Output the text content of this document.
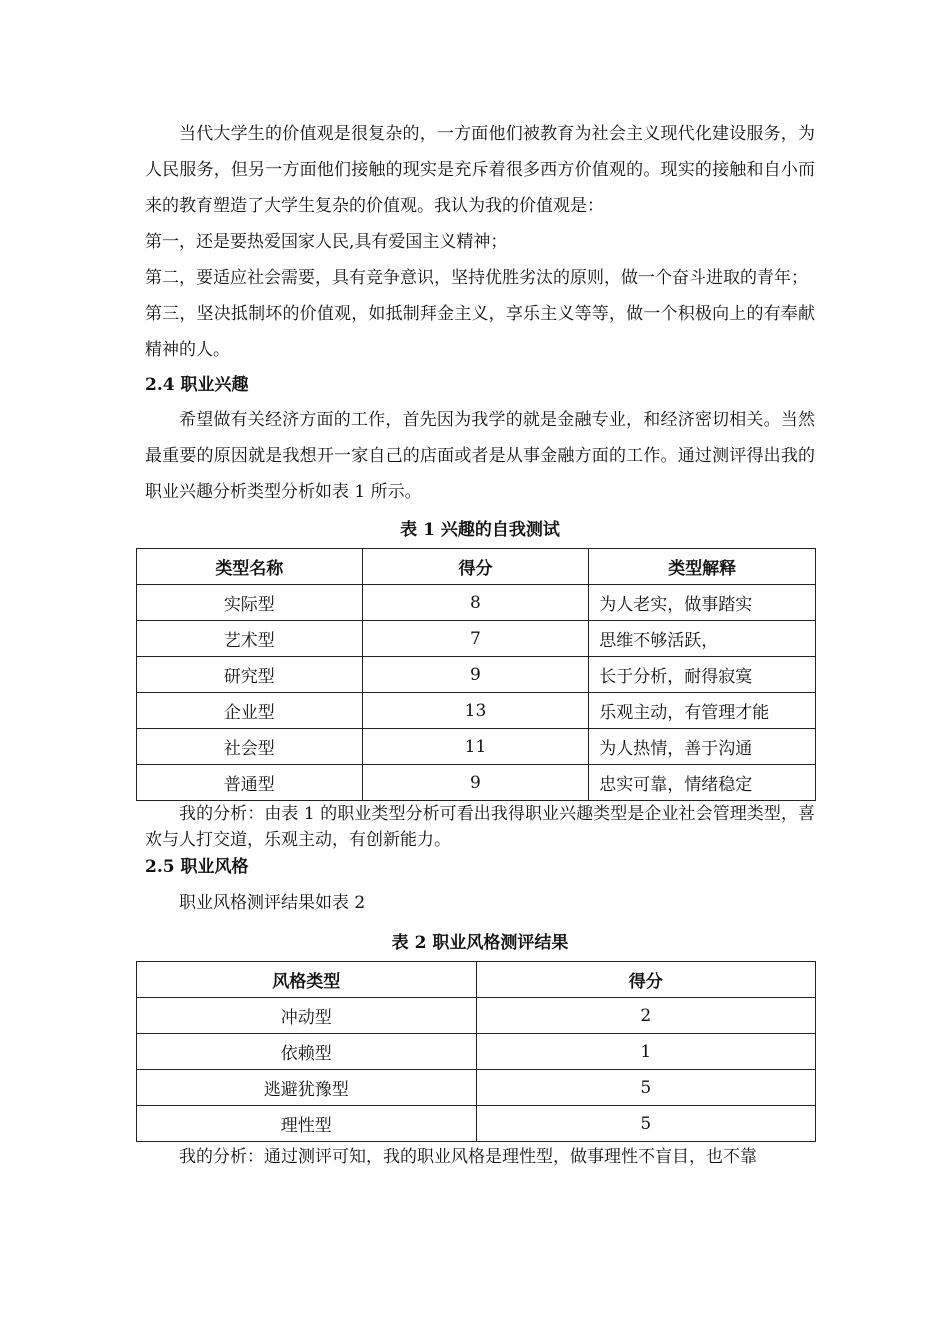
当代大学生的价值观是很复杂的，一方面他们被教育为社会主义现代化建设服务，为人民服务，但另一方面他们接触的现实是充斥着很多西方价值观的。现实的接触和自小而来的教育塑造了大学生复杂的价值观。我认为我的价值观是：

第一，还是要热爱国家人民,具有爱国主义精神；

第二，要适应社会需要，具有竞争意识，坚持优胜劣汰的原则，做一个奋斗进取的青年；

第三，坚决抵制坏的价值观，如抵制拜金主义，享乐主义等等，做一个积极向上的有奉献精神的人。

2.4 职业兴趣

希望做有关经济方面的工作，首先因为我学的就是金融专业，和经济密切相关。当然最重要的原因就是我想开一家自己的店面或者是从事金融方面的工作。通过测评得出我的职业兴趣分析类型分析如表 1 所示。

表 1 兴趣的自我测试
类型名称	得分	类型解释
实际型	8	为人老实，做事踏实
艺术型	7	思维不够活跃，
研究型	9	长于分析，耐得寂寞
企业型	13	乐观主动，有管理才能
社会型	11	为人热情，善于沟通
普通型	9	忠实可靠，情绪稳定

我的分析：由表 1 的职业类型分析可看出我得职业兴趣类型是企业社会管理类型，喜欢与人打交道，乐观主动，有创新能力。

2.5 职业风格

职业风格测评结果如表 2

表 2 职业风格测评结果
风格类型	得分
冲动型	2
依赖型	1
逃避犹豫型	5
理性型	5

我的分析：通过测评可知，我的职业风格是理性型，做事理性不盲目，也不靠
